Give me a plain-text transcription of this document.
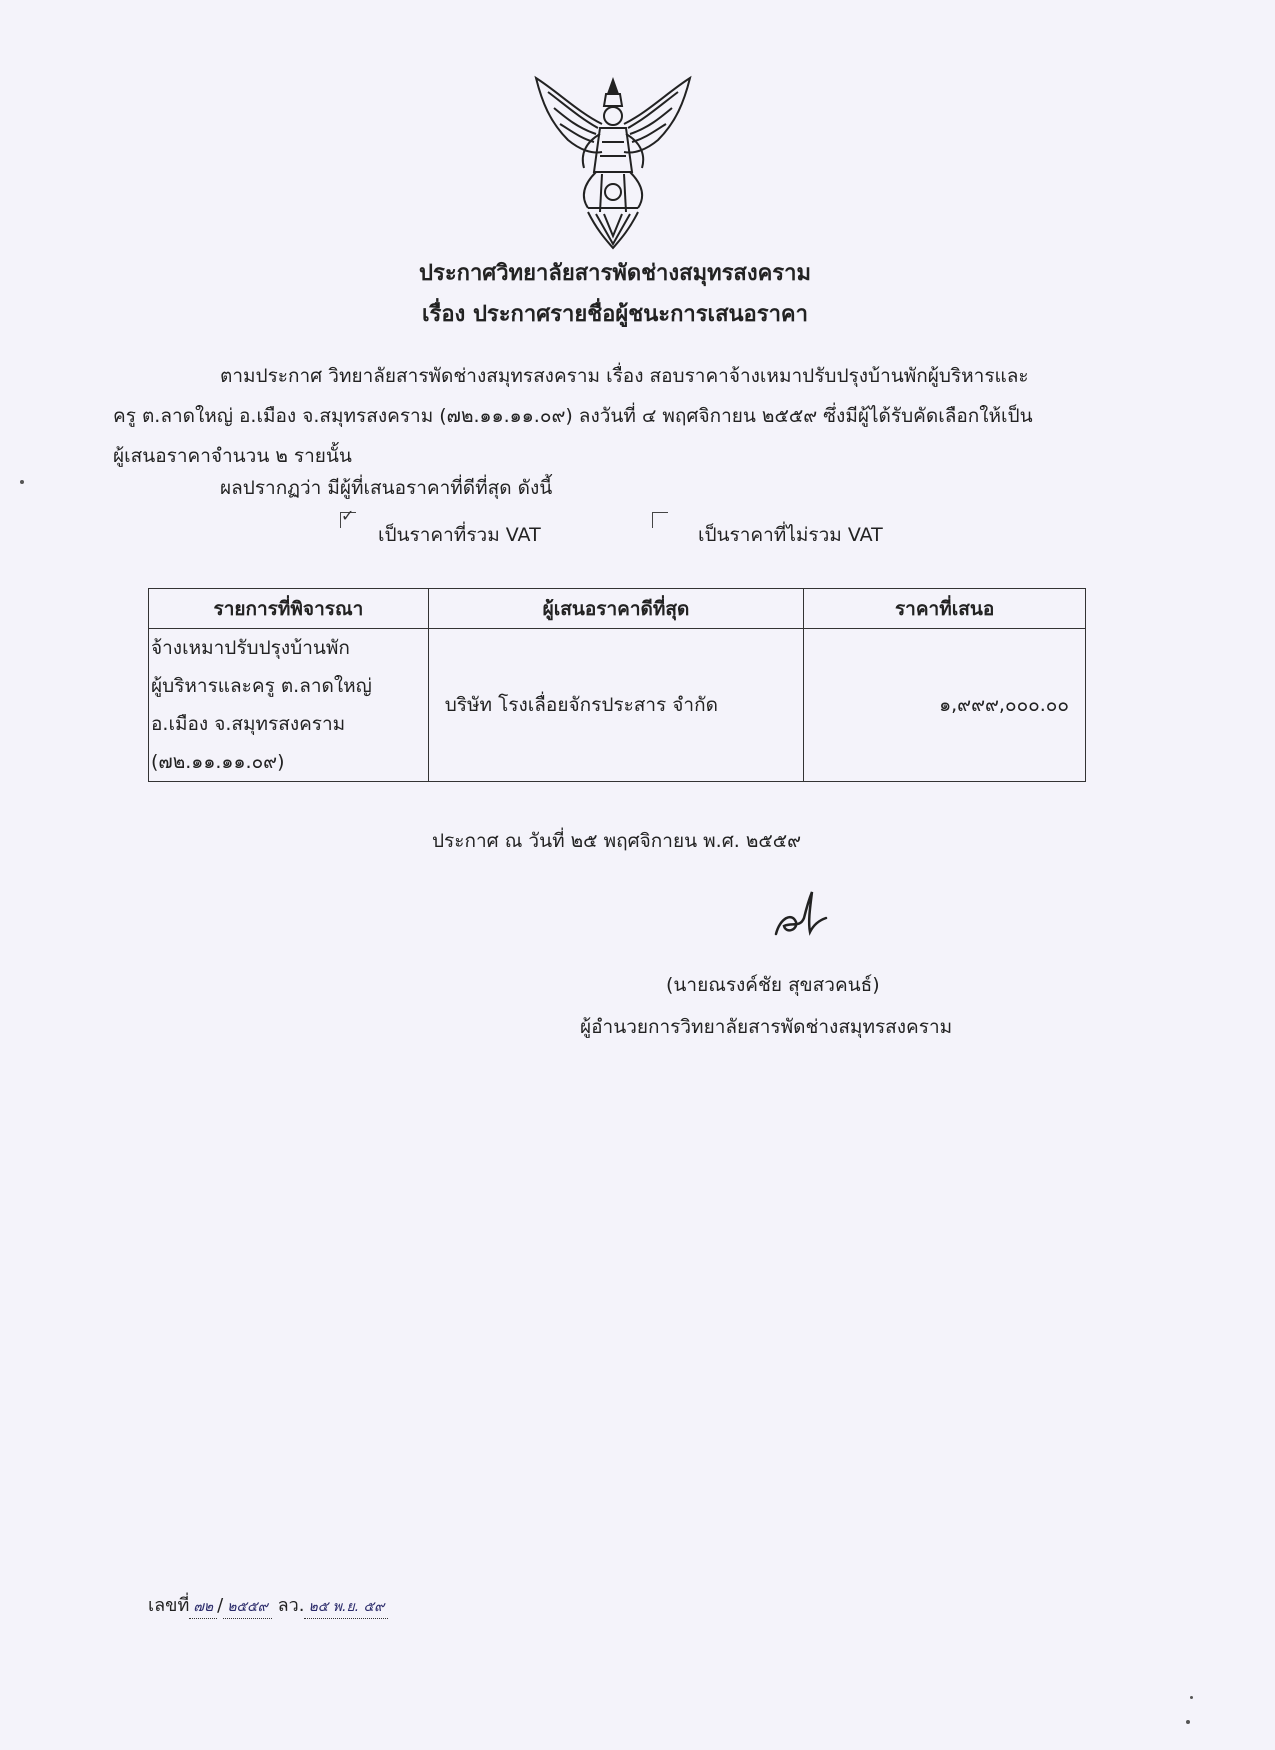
ประกาศวิทยาลัยสารพัดช่างสมุทรสงคราม
เรื่อง ประกาศรายชื่อผู้ชนะการเสนอราคา
ตามประกาศ วิทยาลัยสารพัดช่างสมุทรสงคราม เรื่อง สอบราคาจ้างเหมาปรับปรุงบ้านพักผู้บริหารและ
ครู ต.ลาดใหญ่ อ.เมือง จ.สมุทรสงคราม (๗๒.๑๑.๑๑.๐๙) ลงวันที่ ๔ พฤศจิกายน ๒๕๕๙ ซึ่งมีผู้ได้รับคัดเลือกให้เป็น
ผู้เสนอราคาจำนวน ๒ รายนั้น
ผลปรากฏว่า มีผู้ที่เสนอราคาที่ดีที่สุด ดังนี้
✓
เป็นราคาที่รวม VAT	เป็นราคาที่ไม่รวม VAT
รายการที่พิจารณา	ผู้เสนอราคาดีที่สุด	ราคาที่เสนอ

จ้างเหมาปรับปรุงบ้านพัก
ผู้บริหารและครู ต.ลาดใหญ่
อ.เมือง จ.สมุทรสงคราม
(๗๒.๑๑.๑๑.๐๙)	บริษัท โรงเลื่อยจักรประสาร จำกัด	๑,๙๙๙,๐๐๐.๐๐
ประกาศ ณ วันที่ ๒๕ พฤศจิกายน พ.ศ. ๒๕๕๙
(นายณรงค์ชัย สุขสวคนธ์)
ผู้อำนวยการวิทยาลัยสารพัดช่างสมุทรสงคราม
เลขที่ ๗๒ / ๒๕๕๙ ลว. ๒๕ พ.ย. ๕๙
